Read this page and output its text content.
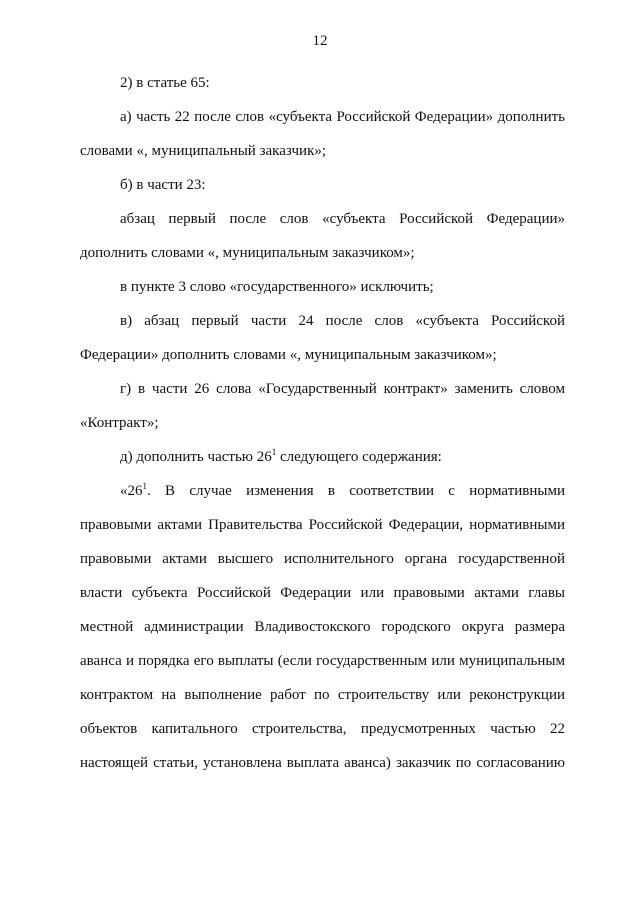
12
2) в статье 65:
а) часть 22 после слов «субъекта Российской Федерации» дополнить
словами «, муниципальный заказчик»;
б) в части 23:
абзац первый после слов «субъекта Российской Федерации»
дополнить словами «, муниципальным заказчиком»;
в пункте 3 слово «государственного» исключить;
в) абзац первый части 24 после слов «субъекта Российской
Федерации» дополнить словами «, муниципальным заказчиком»;
г) в части 26 слова «Государственный контракт» заменить словом
«Контракт»;
д) дополнить частью $26^1$ следующего содержания:
«$26^1$. В случае изменения в соответствии с нормативными
правовыми актами Правительства Российской Федерации, нормативными
правовыми актами высшего исполнительного органа государственной
власти субъекта Российской Федерации или правовыми актами главы
местной администрации Владивостокского городского округа размера
аванса и порядка его выплаты (если государственным или муниципальным
контрактом на выполнение работ по строительству или реконструкции
объектов капитального строительства, предусмотренных частью 22
настоящей статьи, установлена выплата аванса) заказчик по согласованию
